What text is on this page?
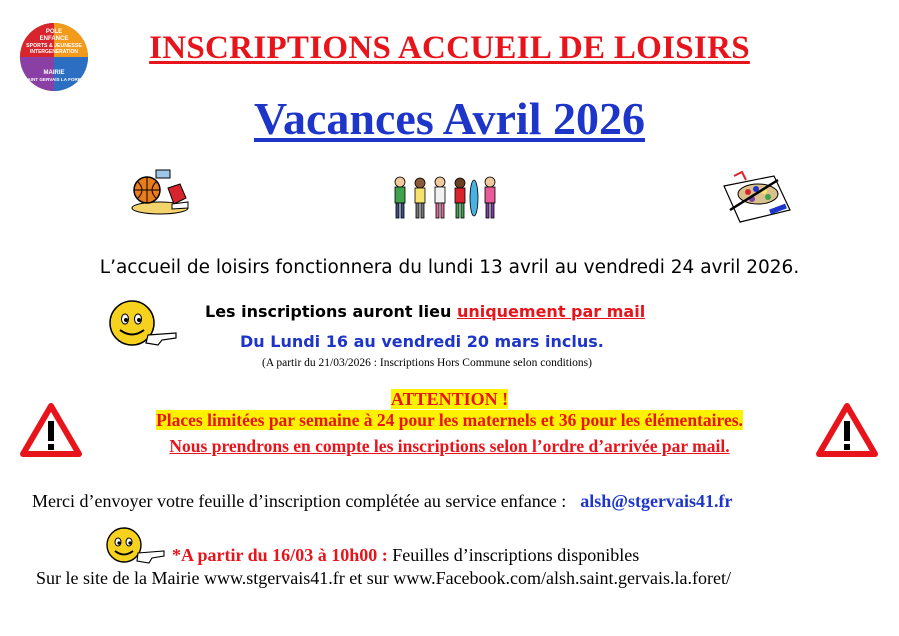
POLE
ENFANCE
SPORTS & JEUNESSE
INTERGENERATION
MAIRIE
SAINT GERVAIS LA FORET
INSCRIPTIONS ACCUEIL DE LOISIRS
Vacances Avril 2026
L’accueil de loisirs fonctionnera du lundi 13 avril au vendredi 24 avril 2026.
Les inscriptions auront lieu uniquement par mail
Du Lundi 16 au vendredi 20 mars inclus.
(A partir du 21/03/2026 : Inscriptions Hors Commune selon conditions)
ATTENTION !
Places limitées par semaine à 24 pour les maternels et 36 pour les élémentaires.
Nous prendrons en compte les inscriptions selon l’ordre d’arrivée par mail.
Merci d’envoyer votre feuille d’inscription complétée au service enfance : alsh@stgervais41.fr
*A partir du 16/03 à 10h00 : Feuilles d’inscriptions disponibles
Sur le site de la Mairie www.stgervais41.fr et sur www.Facebook.com/alsh.saint.gervais.la.foret/
